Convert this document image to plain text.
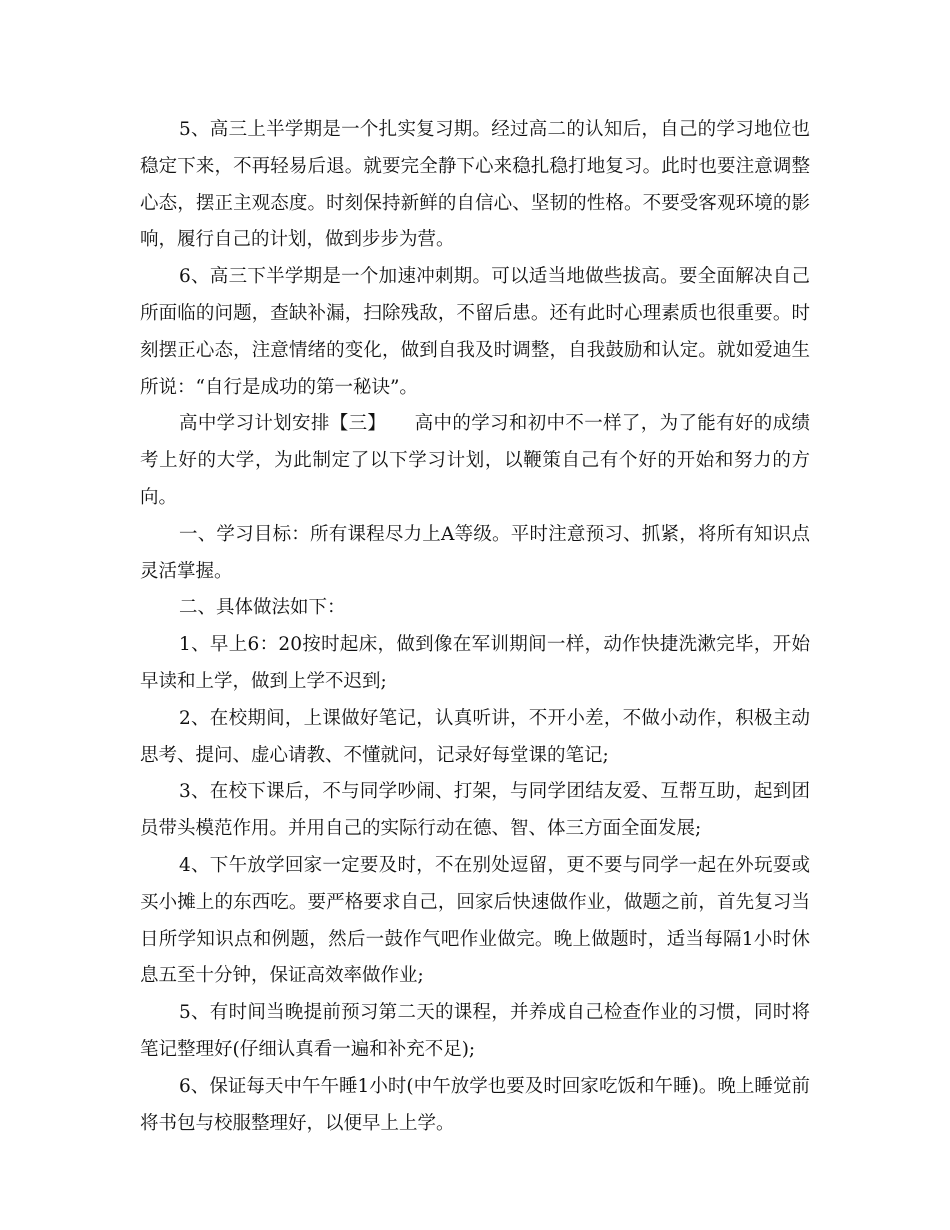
5、高三上半学期是一个扎实复习期。经过高二的认知后，自己的学习地位也稳定下来，不再轻易后退。就要完全静下心来稳扎稳打地复习。此时也要注意调整心态，摆正主观态度。时刻保持新鲜的自信心、坚韧的性格。不要受客观环境的影响，履行自己的计划，做到步步为营。

6、高三下半学期是一个加速冲刺期。可以适当地做些拔高。要全面解决自己所面临的问题，查缺补漏，扫除残敌，不留后患。还有此时心理素质也很重要。时刻摆正心态，注意情绪的变化，做到自我及时调整，自我鼓励和认定。就如爱迪生所说：“自行是成功的第一秘诀”。

高中学习计划安排【三】　　高中的学习和初中不一样了，为了能有好的成绩考上好的大学，为此制定了以下学习计划，以鞭策自己有个好的开始和努力的方向。

一、学习目标：所有课程尽力上A等级。平时注意预习、抓紧，将所有知识点灵活掌握。

二、具体做法如下：

1、早上6：20按时起床，做到像在军训期间一样，动作快捷洗漱完毕，开始早读和上学，做到上学不迟到;

2、在校期间，上课做好笔记，认真听讲，不开小差，不做小动作，积极主动思考、提问、虚心请教、不懂就问，记录好每堂课的笔记;

3、在校下课后，不与同学吵闹、打架，与同学团结友爱、互帮互助，起到团员带头模范作用。并用自己的实际行动在德、智、体三方面全面发展;

4、下午放学回家一定要及时，不在别处逗留，更不要与同学一起在外玩耍或买小摊上的东西吃。要严格要求自己，回家后快速做作业，做题之前，首先复习当日所学知识点和例题，然后一鼓作气吧作业做完。晚上做题时，适当每隔1小时休息五至十分钟，保证高效率做作业;

5、有时间当晚提前预习第二天的课程，并养成自己检查作业的习惯，同时将笔记整理好(仔细认真看一遍和补充不足);

6、保证每天中午午睡1小时(中午放学也要及时回家吃饭和午睡)。晚上睡觉前将书包与校服整理好，以便早上上学。
